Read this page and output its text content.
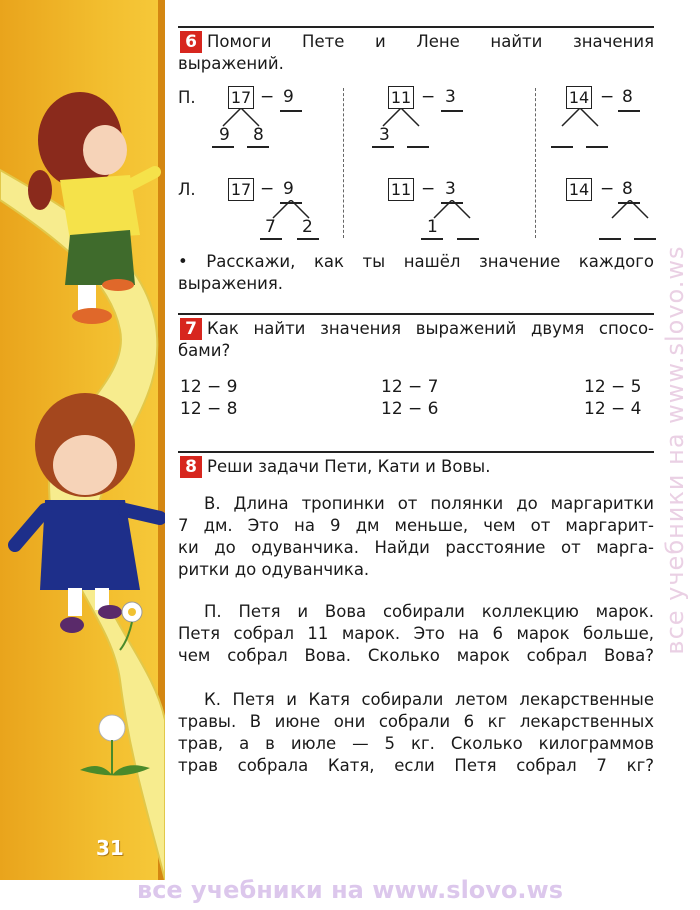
31
все учебники на www.slovo.ws
все учебники на www.slovo.ws
6 Помоги Пете и Лене найти значения
выражений.
П.
Л.
17 − 9
9 8
11 − 3
3
14 − 8
17 − 9
7 2
11 − 3
1
14 − 8
• Расскажи, как ты нашёл значение каждого
выражения.
7 Как найти значения выражений двумя спосо-
бами?
12 − 9
12 − 8
12 − 7
12 − 6
12 − 5
12 − 4
8 Реши задачи Пети, Кати и Вовы.
В. Длина тропинки от полянки до маргаритки
7 дм. Это на 9 дм меньше, чем от маргарит-
ки до одуванчика. Найди расстояние от марга-
ритки до одуванчика.
П. Петя и Вова собирали коллекцию марок.
Петя собрал 11 марок. Это на 6 марок больше,
чем собрал Вова. Сколько марок собрал Вова?
К. Петя и Катя собирали летом лекарственные
травы. В июне они собрали 6 кг лекарственных
трав, а в июле — 5 кг. Сколько килограммов
трав собрала Катя, если Петя собрал 7 кг?
